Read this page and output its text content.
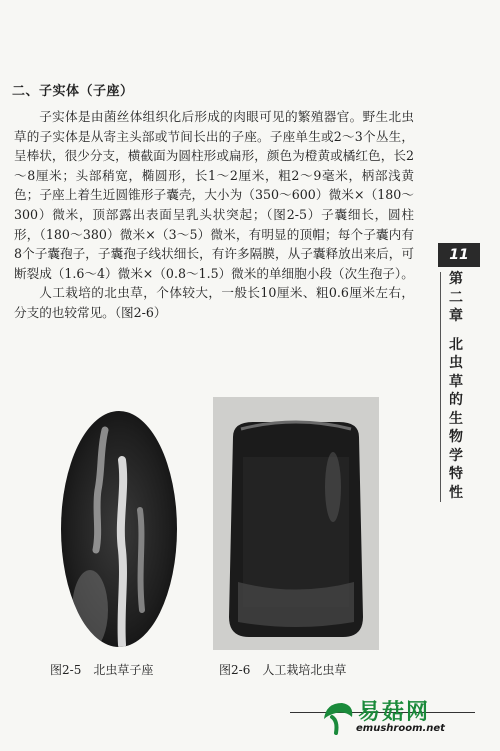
二、子实体（子座）

子实体是由菌丝体组织化后形成的肉眼可见的繁殖器官。野生北虫草的子实体是从寄主头部或节间长出的子座。子座单生或2～3个丛生，呈棒状，很少分支，横截面为圆柱形或扁形，颜色为橙黄或橘红色，长2～8厘米；头部稍宽，椭圆形，长1～2厘米，粗2～9毫米，柄部浅黄色；子座上着生近圆锥形子囊壳，大小为（350～600）微米×（180～300）微米，顶部露出表面呈乳头状突起；（图2-5）子囊细长，圆柱形，（180～380）微米×（3～5）微米，有明显的顶帽；每个子囊内有8个子囊孢子，子囊孢子线状细长，有许多隔膜，从子囊释放出来后，可断裂成（1.6～4）微米×（0.8～1.5）微米的单细胞小段（次生孢子）。

人工栽培的北虫草，个体较大，一般长10厘米、粗0.6厘米左右，分支的也较常见。（图2-6）

11
第
二
章
北
虫
草
的
生
物
学
特
性
图2-5　北虫草子座	图2-6　人工栽培北虫草
易菇网
emushroom.net
